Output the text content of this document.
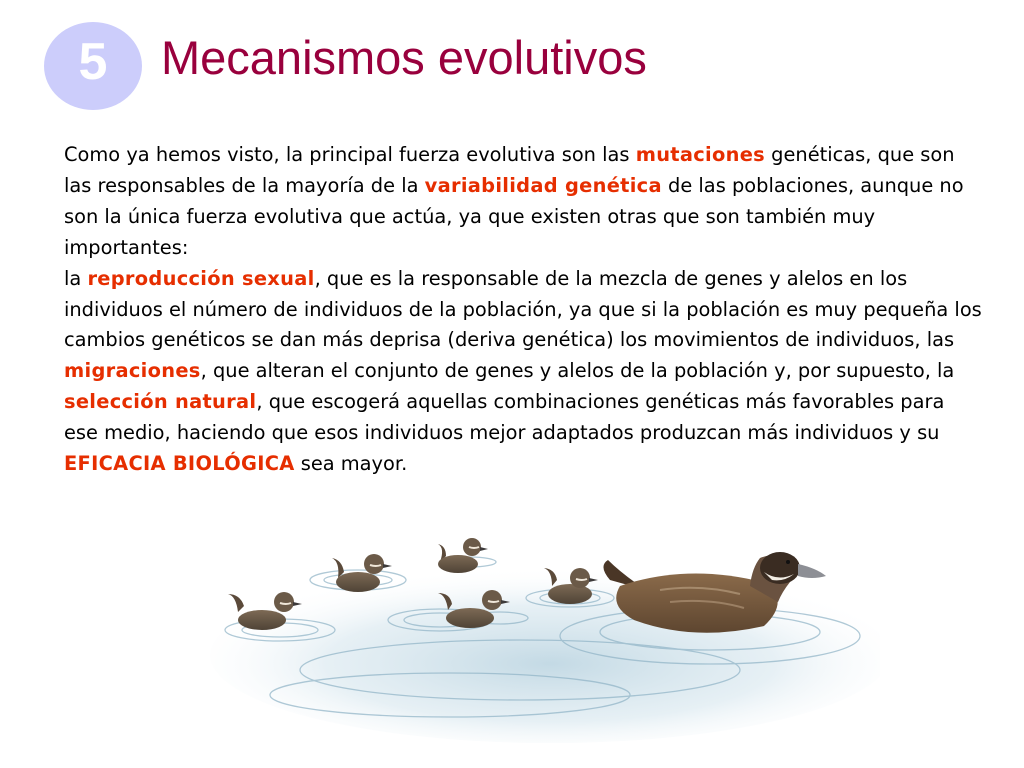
5 Mecanismos evolutivos
Como ya hemos visto, la principal fuerza evolutiva son las mutaciones genéticas, que son las responsables de la mayoría de la variabilidad genética de las poblaciones, aunque no son la única fuerza evolutiva que actúa, ya que existen otras que son también muy importantes:
la reproducción sexual, que es la responsable de la mezcla de genes y alelos en los individuos el número de individuos de la población, ya que si la población es muy pequeña los cambios genéticos se dan más deprisa (deriva genética) los movimientos de individuos, las migraciones, que alteran el conjunto de genes y alelos de la población y, por supuesto, la selección natural, que escogerá aquellas combinaciones genéticas más favorables para ese medio, haciendo que esos individuos mejor adaptados produzcan más individuos y su EFICACIA BIOLÓGICA sea mayor.
